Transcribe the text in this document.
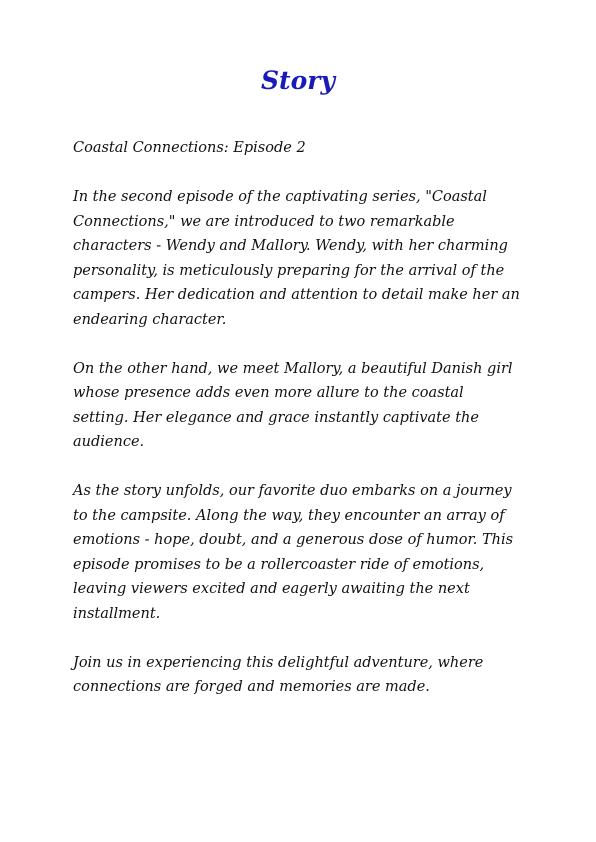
Story

Coastal Connections: Episode 2

In the second episode of the captivating series, "Coastal Connections," we are introduced to two remarkable characters - Wendy and Mallory. Wendy, with her charming personality, is meticulously preparing for the arrival of the campers. Her dedication and attention to detail make her an endearing character.

On the other hand, we meet Mallory, a beautiful Danish girl whose presence adds even more allure to the coastal setting. Her elegance and grace instantly captivate the audience.

As the story unfolds, our favorite duo embarks on a journey to the campsite. Along the way, they encounter an array of emotions - hope, doubt, and a generous dose of humor. This episode promises to be a rollercoaster ride of emotions, leaving viewers excited and eagerly awaiting the next installment.

Join us in experiencing this delightful adventure, where connections are forged and memories are made.
